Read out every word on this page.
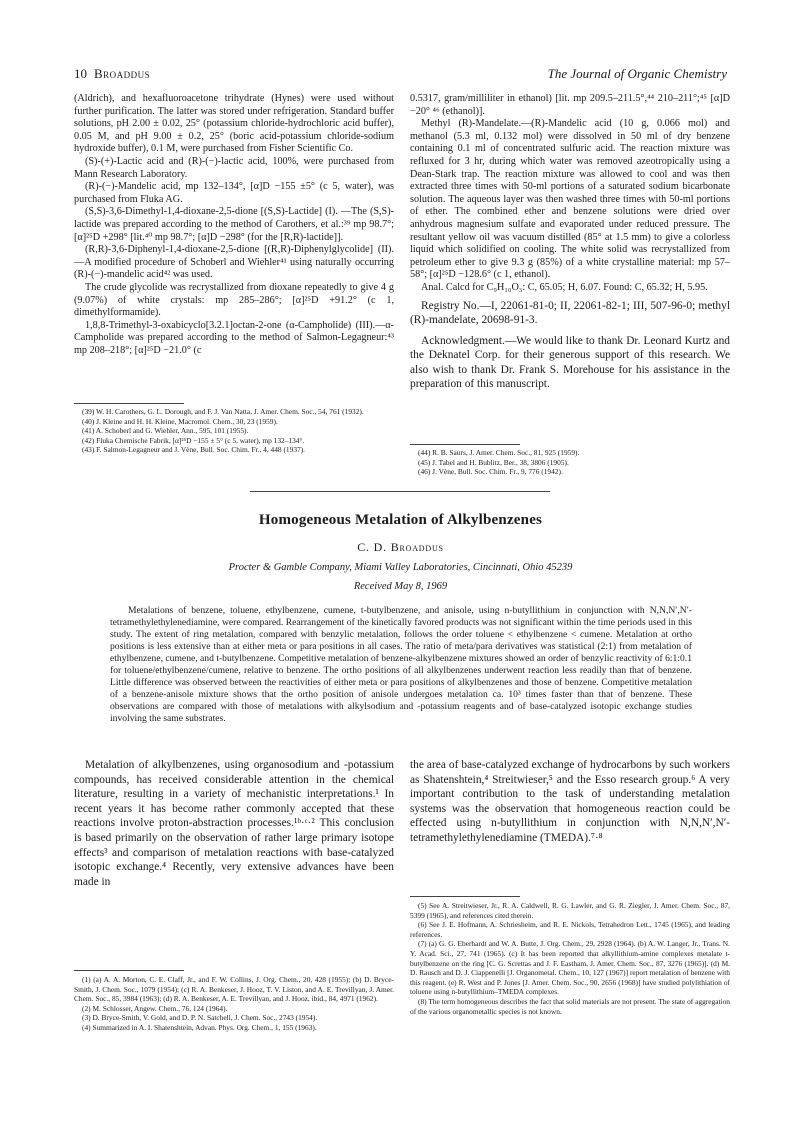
10 Broaddus	The Journal of Organic Chemistry

(Aldrich), and hexafluoroacetone trihydrate (Hynes) were used without further purification. The latter was stored under refrigeration. Standard buffer solutions, pH 2.00 ± 0.02, 25° (potassium chloride-hydrochloric acid buffer), 0.05 M, and pH 9.00 ± 0.2, 25° (boric acid-potassium chloride-sodium hydroxide buffer), 0.1 M, were purchased from Fisher Scientific Co.

(S)-(+)-Lactic acid and (R)-(−)-lactic acid, 100%, were purchased from Mann Research Laboratory.

(R)-(−)-Mandelic acid, mp 132–134°, [α]D −155 ±5° (c 5, water), was purchased from Fluka AG.

(S,S)-3,6-Dimethyl-1,4-dioxane-2,5-dione [(S,S)-Lactide] (I). —The (S,S)-lactide was prepared according to the method of Carothers, et al.:³⁹ mp 98.7°; [α]²⁵D +298° [lit.⁴⁰ mp 98.7°; [α]D −298° (for the [R,R)-lactide]].

(R,R)-3,6-Diphenyl-1,4-dioxane-2,5-dione [(R,R)-Diphenylglycolide] (II).—A modified procedure of Schoberl and Wiehler⁴¹ using naturally occurring (R)-(−)-mandelic acid⁴² was used.

The crude glycolide was recrystallized from dioxane repeatedly to give 4 g (9.07%) of white crystals: mp 285–286°; [α]²⁵D +91.2° (c 1, dimethylformamide).

1,8,8-Trimethyl-3-oxabicyclo[3.2.1]octan-2-one (α-Campholide) (III).—α-Campholide was prepared according to the method of Salmon-Legagneur:⁴³ mp 208–218°; [α]²⁵D −21.0° (c

(39) W. H. Carothers, G. L. Dorough, and F. J. Van Natta, J. Amer. Chem. Soc., 54, 761 (1932).

(40) J. Kleine and H. H. Kleine, Macromol. Chem., 30, 23 (1959).

(41) A. Schoberl and G. Wiehler, Ann., 595, 101 (1955).

(42) Fluka Chemische Fabrik, [α]²⁵D −155 ± 5° (c 5, water), mp 132–134°.

(43) F. Salmon-Legagneur and J. Vène, Bull. Soc. Chim. Fr., 4, 448 (1937).

0.5317, gram/milliliter in ethanol) [lit. mp 209.5–211.5°,⁴⁴ 210–211°;⁴⁵ [α]D −20° ⁴⁶ (ethanol)].

Methyl (R)-Mandelate.—(R)-Mandelic acid (10 g, 0.066 mol) and methanol (5.3 ml, 0.132 mol) were dissolved in 50 ml of dry benzene containing 0.1 ml of concentrated sulfuric acid. The reaction mixture was refluxed for 3 hr, during which water was removed azeotropically using a Dean-Stark trap. The reaction mixture was allowed to cool and was then extracted three times with 50-ml portions of a saturated sodium bicarbonate solution. The aqueous layer was then washed three times with 50-ml portions of ether. The combined ether and benzene solutions were dried over anhydrous magnesium sulfate and evaporated under reduced pressure. The resultant yellow oil was vacuum distilled (85° at 1.5 mm) to give a colorless liquid which solidified on cooling. The white solid was recrystallized from petroleum ether to give 9.3 g (85%) of a white crystalline material: mp 57–58°; [α]²⁵D −128.6° (c 1, ethanol).

Anal. Calcd for C₉H₁₀O₃: C, 65.05; H, 6.07. Found: C, 65.32; H, 5.95.

Registry No.—I, 22061-81-0; II, 22061-82-1; III, 507-96-0; methyl (R)-mandelate, 20698-91-3.

Acknowledgment.—We would like to thank Dr. Leonard Kurtz and the Deknatel Corp. for their generous support of this research. We also wish to thank Dr. Frank S. Morehouse for his assistance in the preparation of this manuscript.

(44) R. B. Saurs, J. Amer. Chem. Soc., 81, 925 (1959).

(45) J. Tabel and H. Bublitz, Ber., 38, 3806 (1905).

(46) J. Vène, Bull. Soc. Chim. Fr., 9, 776 (1942).

Homogeneous Metalation of Alkylbenzenes
C. D. Broaddus
Procter & Gamble Company, Miami Valley Laboratories, Cincinnati, Ohio 45239
Received May 8, 1969
Metalations of benzene, toluene, ethylbenzene, cumene, t-butylbenzene, and anisole, using n-butyllithium in conjunction with N,N,N′,N′-tetramethylethylenediamine, were compared. Rearrangement of the kinetically favored products was not significant within the time periods used in this study. The extent of ring metalation, compared with benzylic metalation, follows the order toluene < ethylbenzene < cumene. Metalation at ortho positions is less extensive than at either meta or para positions in all cases. The ratio of meta/para derivatives was statistical (2:1) from metalation of ethylbenzene, cumene, and t-butylbenzene. Competitive metalation of benzene-alkylbenzene mixtures showed an order of benzylic reactivity of 6:1:0.1 for toluene/ethylbenzene/cumene, relative to benzene. The ortho positions of all alkylbenzenes underwent reaction less readily than that of benzene. Little difference was observed between the reactivities of either meta or para positions of alkylbenzenes and those of benzene. Competitive metalation of a benzene-anisole mixture shows that the ortho position of anisole undergoes metalation ca. 10³ times faster than that of benzene. These observations are compared with those of metalations with alkylsodium and -potassium reagents and of base-catalyzed isotopic exchange studies involving the same substrates.

Metalation of alkylbenzenes, using organosodium and -potassium compounds, has received considerable attention in the chemical literature, resulting in a variety of mechanistic interpretations.¹ In recent years it has become rather commonly accepted that these reactions involve proton-abstraction processes.¹ᵇ·ᶜ·² This conclusion is based primarily on the observation of rather large primary isotope effects³ and comparison of metalation reactions with base-catalyzed isotopic exchange.⁴ Recently, very extensive advances have been made in

the area of base-catalyzed exchange of hydrocarbons by such workers as Shatenshtein,⁴ Streitwieser,⁵ and the Esso research group.⁶ A very important contribution to the task of understanding metalation systems was the observation that homogeneous reaction could be effected using n-butyllithium in conjunction with N,N,N′,N′-tetramethylethylenediamine (TMEDA).⁷·⁸

(1) (a) A. A. Morton, C. E. Claff, Jr., and F. W. Collins, J. Org. Chem., 20, 428 (1955); (b) D. Bryce-Smith, J. Chem. Soc., 1079 (1954); (c) R. A. Benkeser, J. Hooz, T. V. Liston, and A. E. Trevillyan, J. Amer. Chem. Soc., 85, 3984 (1963); (d) R. A. Benkeser, A. E. Trevillyan, and J. Hooz, ibid., 84, 4971 (1962).

(2) M. Schlosser, Angew. Chem., 76, 124 (1964).

(3) D. Bryce-Smith, V. Gold, and D. P. N. Satchell, J. Chem. Soc., 2743 (1954).

(4) Summarized in A. I. Shatenshtein, Advan. Phys. Org. Chem., 1, 155 (1963).

(5) See A. Streitwieser, Jr., R. A. Caldwell, R. G. Lawler, and G. R. Ziegler, J. Amer. Chem. Soc., 87, 5399 (1965), and references cited therein.

(6) See J. E. Hofmann, A. Schriesheim, and R. E. Nickols, Tetrahedron Lett., 1745 (1965), and leading references.

(7) (a) G. G. Eberhardt and W. A. Butte, J. Org. Chem., 29, 2928 (1964). (b) A. W. Langer, Jr., Trans. N. Y. Acad. Sci., 27, 741 (1965). (c) It has been reported that alkyllithium-amine complexes metalate t-butylbenzene on the ring [C. G. Screttas and J. F. Eastham, J. Amer. Chem. Soc., 87, 3276 (1965)]. (d) M. D. Rausch and D. J. Ciappenelli [J. Organometal. Chem., 10, 127 (1967)] report metalation of benzene with this reagent. (e) R. West and P. Jones [J. Amer. Chem. Soc., 90, 2656 (1968)] have studied polylithiation of toluene using n-butyllithium–TMEDA complexes.

(8) The term homogeneous describes the fact that solid materials are not present. The state of aggregation of the various organometallic species is not known.
